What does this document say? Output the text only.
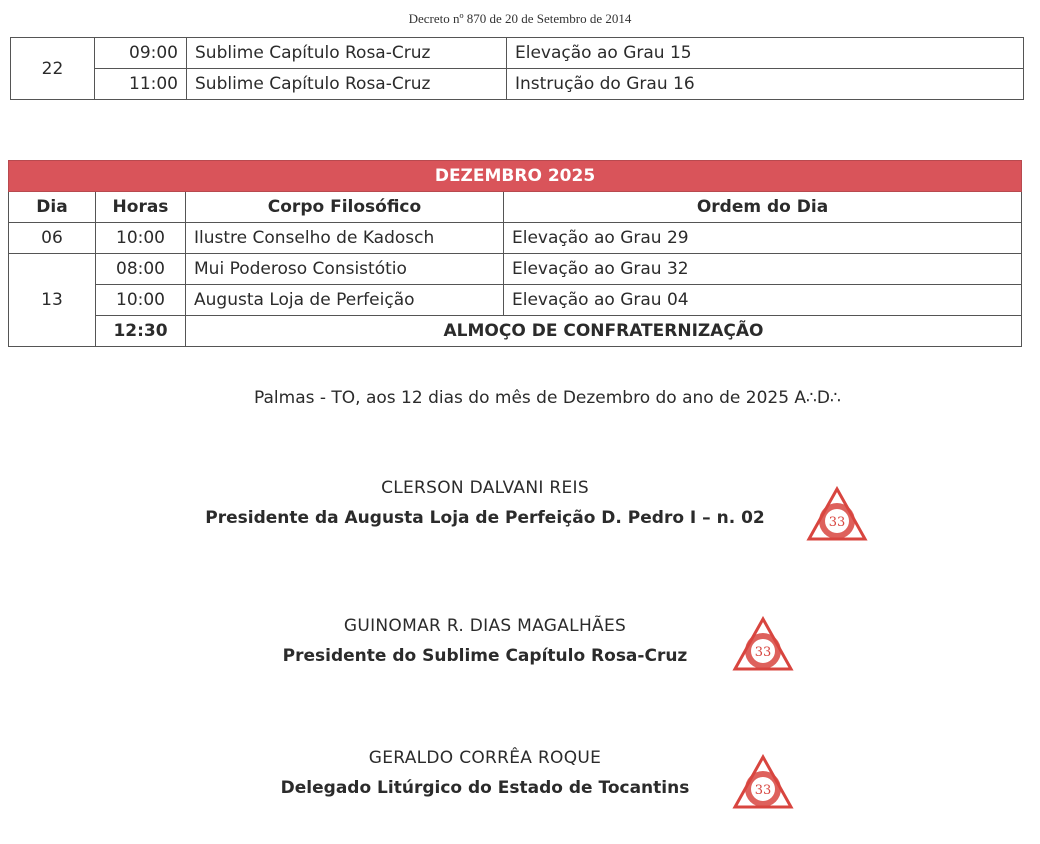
Decreto nº 870 de 20 de Setembro de 2014
22	09:00	Sublime Capítulo Rosa-Cruz	Elevação ao Grau 15
	11:00	Sublime Capítulo Rosa-Cruz	Instrução do Grau 16
DEZEMBRO 2025			
Dia	Horas	Corpo Filosófico	Ordem do Dia
06	10:00	Ilustre Conselho de Kadosch	Elevação ao Grau 29
13	08:00	Mui Poderoso Consistótio	Elevação ao Grau 32
	10:00	Augusta Loja de Perfeição	Elevação ao Grau 04
	12:30	ALMOÇO DE CONFRATERNIZAÇÃO	
Palmas - TO, aos 12 dias do mês de Dezembro do ano de 2025 A∴D∴
CLERSON DALVANI REIS
Presidente da Augusta Loja de Perfeição D. Pedro I – n. 02	33
GUINOMAR R. DIAS MAGALHÃES
Presidente do Sublime Capítulo Rosa-Cruz	33
GERALDO CORRÊA ROQUE
Delegado Litúrgico do Estado de Tocantins	33
